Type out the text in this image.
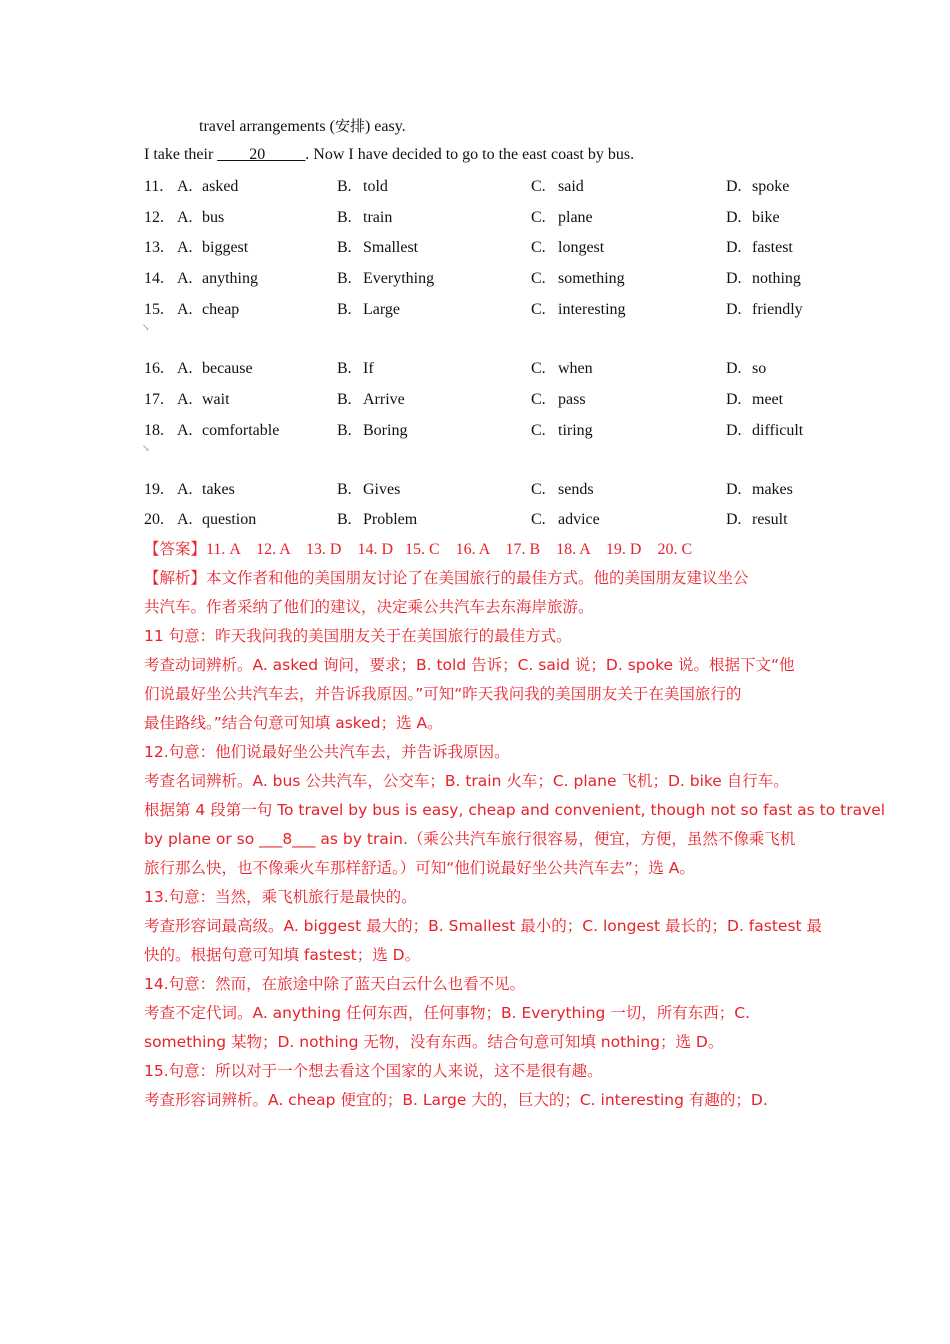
travel arrangements (安排) easy.
I take their ____20_____. Now I have decided to go to the east coast by bus.
11. A. asked	B. told	C. said	D. spoke
12. A. bus	B. train	C. plane	D. bike
13. A. biggest	B. Smallest	C. longest	D. fastest
14. A. anything	B. Everything	C. something	D. nothing
15. A. cheap	B. Large	C. interesting	D. friendly
16. A. because	B. If	C. when	D. so
17. A. wait	B. Arrive	C. pass	D. meet
18. A. comfortable	B. Boring	C. tiring	D. difficult
19. A. takes	B. Gives	C. sends	D. makes
20. A. question	B. Problem	C. advice	D. result
↘
↘
【答案】11. A    12. A    13. D    14. D   15. C    16. A    17. B    18. A    19. D    20. C
【解析】本文作者和他的美国朋友讨论了在美国旅行的最佳方式。他的美国朋友建议坐公
共汽车。作者采纳了他们的建议，决定乘公共汽车去东海岸旅游。
11 句意：昨天我问我的美国朋友关于在美国旅行的最佳方式。
考查动词辨析。A. asked 询问，要求；B. told 告诉；C. said 说；D. spoke 说。根据下文“他
们说最好坐公共汽车去，并告诉我原因。”可知“昨天我问我的美国朋友关于在美国旅行的
最佳路线。”结合句意可知填 asked；选 A。
12.句意：他们说最好坐公共汽车去，并告诉我原因。
考查名词辨析。A. bus 公共汽车，公交车；B. train 火车；C. plane 飞机；D. bike 自行车。
根据第 4 段第一句 To travel by bus is easy, cheap and convenient, though not so fast as to travel
by plane or so ___8___ as by train.（乘公共汽车旅行很容易，便宜，方便，虽然不像乘飞机
旅行那么快，也不像乘火车那样舒适。）可知“他们说最好坐公共汽车去”；选 A。
13.句意：当然，乘飞机旅行是最快的。
考查形容词最高级。A. biggest 最大的；B. Smallest 最小的；C. longest 最长的；D. fastest 最
快的。根据句意可知填 fastest；选 D。
14.句意：然而，在旅途中除了蓝天白云什么也看不见。
考查不定代词。A. anything 任何东西，任何事物；B. Everything 一切，所有东西；C.
something 某物；D. nothing 无物，没有东西。结合句意可知填 nothing；选 D。
15.句意：所以对于一个想去看这个国家的人来说，这不是很有趣。
考查形容词辨析。A. cheap 便宜的；B. Large 大的，巨大的；C. interesting 有趣的；D.
